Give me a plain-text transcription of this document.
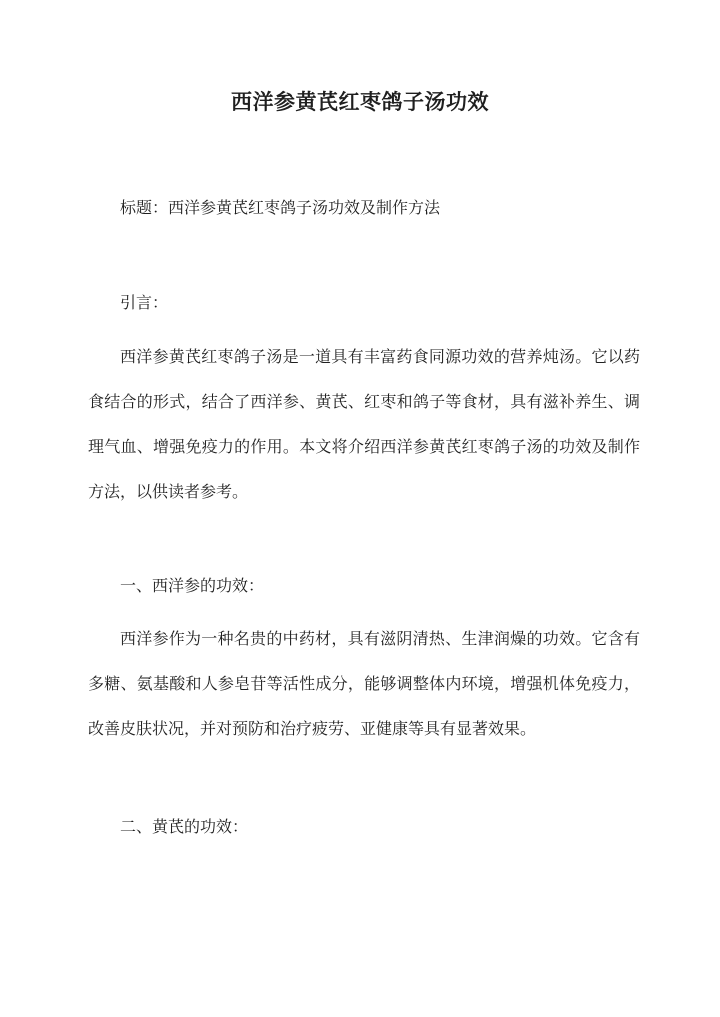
西洋参黄芪红枣鸽子汤功效

标题：西洋参黄芪红枣鸽子汤功效及制作方法

引言：

西洋参黄芪红枣鸽子汤是一道具有丰富药食同源功效的营养炖汤。它以药食结合的形式，结合了西洋参、黄芪、红枣和鸽子等食材，具有滋补养生、调理气血、增强免疫力的作用。本文将介绍西洋参黄芪红枣鸽子汤的功效及制作方法，以供读者参考。

一、西洋参的功效：

西洋参作为一种名贵的中药材，具有滋阴清热、生津润燥的功效。它含有多糖、氨基酸和人参皂苷等活性成分，能够调整体内环境，增强机体免疫力，改善皮肤状况，并对预防和治疗疲劳、亚健康等具有显著效果。

二、黄芪的功效：
